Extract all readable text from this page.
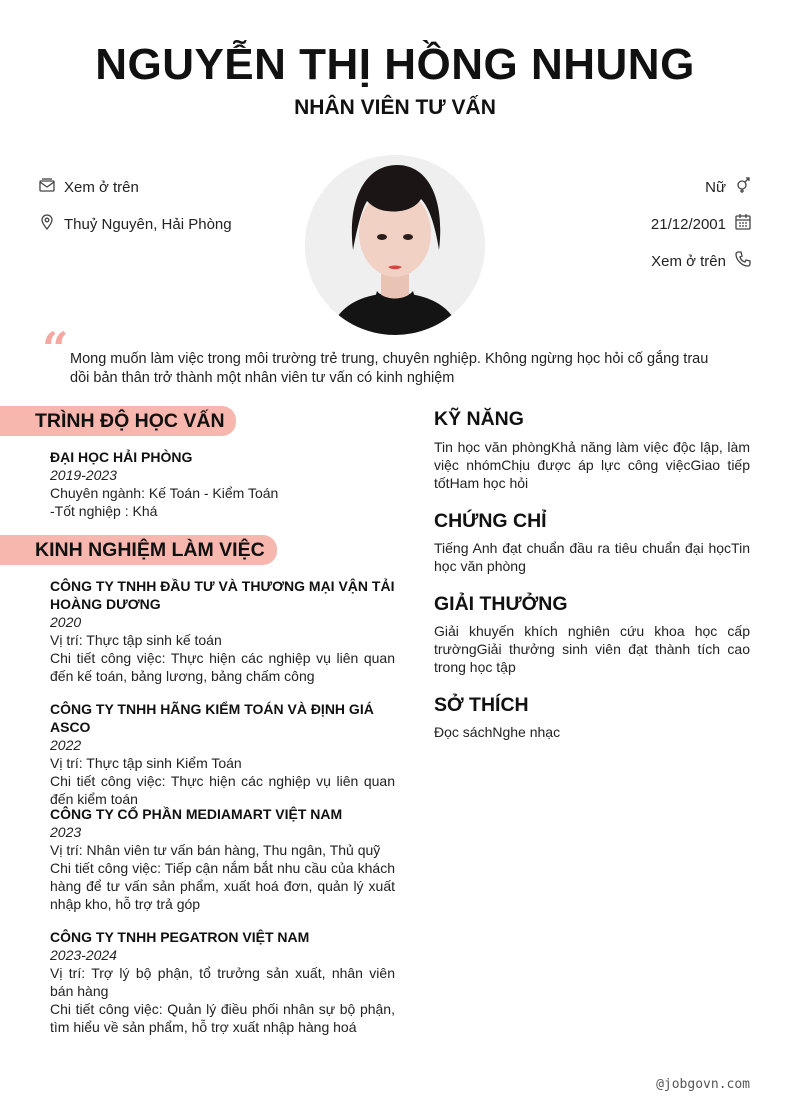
NGUYỄN THỊ HỒNG NHUNG
NHÂN VIÊN TƯ VẤN
Xem ở trên
Thuỷ Nguyên, Hải Phòng
Nữ
21/12/2001
Xem ở trên
“ Mong muốn làm việc trong môi trường trẻ trung, chuyên nghiệp. Không ngừng học hỏi cố gắng trau dồi bản thân trở thành một nhân viên tư vấn có kinh nghiệm
TRÌNH ĐỘ HỌC VẤN
ĐẠI HỌC HẢI PHÒNG
2019-2023
Chuyên ngành: Kế Toán - Kiểm Toán
-Tốt nghiệp : Khá
KINH NGHIỆM LÀM VIỆC
CÔNG TY TNHH ĐẦU TƯ VÀ THƯƠNG MẠI VẬN TẢI HOÀNG DƯƠNG
2020

Vị trí: Thực tập sinh kế toán

Chi tiết công việc: Thực hiện các nghiệp vụ liên quan đến kế toán, bảng lương, bảng chấm công

CÔNG TY TNHH HÃNG KIỂM TOÁN VÀ ĐỊNH GIÁ ASCO
2022

Vị trí: Thực tập sinh Kiểm Toán

Chi tiết công việc: Thực hiện các nghiệp vụ liên quan đến kiểm toán

CÔNG TY CỔ PHẦN MEDIAMART VIỆT NAM
2023

Vị trí: Nhân viên tư vấn bán hàng, Thu ngân, Thủ quỹ

Chi tiết công việc: Tiếp cận nắm bắt nhu cầu của khách hàng để tư vấn sản phẩm, xuất hoá đơn, quản lý xuất nhập kho, hỗ trợ trả góp

CÔNG TY TNHH PEGATRON VIỆT NAM
2023-2024

Vị trí: Trợ lý bộ phận, tổ trưởng sản xuất, nhân viên bán hàng

Chi tiết công việc: Quản lý điều phối nhân sự bộ phận, tìm hiểu về sản phẩm, hỗ trợ xuất nhập hàng hoá

KỸ NĂNG
Tin học văn phòngKhả năng làm việc độc lập, làm việc nhómChịu được áp lực công việcGiao tiếp tốtHam học hỏi
CHỨNG CHỈ
Tiếng Anh đạt chuẩn đầu ra tiêu chuẩn đại họcTin học văn phòng
GIẢI THƯỞNG
Giải khuyến khích nghiên cứu khoa học cấp trườngGiải thưởng sinh viên đạt thành tích cao trong học tập
SỞ THÍCH
Đọc sáchNghe nhạc
@jobgovn.com
